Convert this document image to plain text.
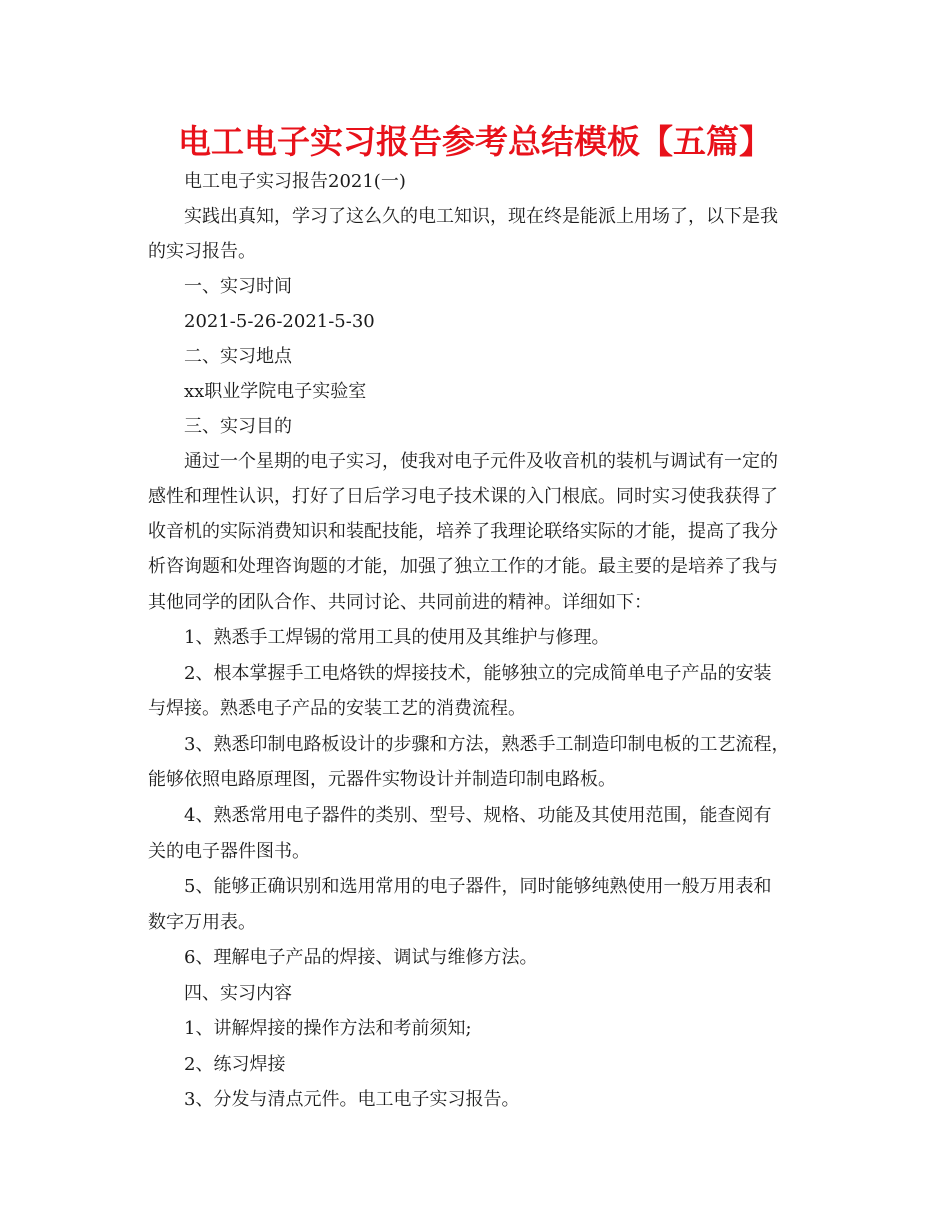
电工电子实习报告参考总结模板【五篇】
电工电子实习报告2021(一)
实践出真知，学习了这么久的电工知识，现在终是能派上用场了，以下是我
的实习报告。
一、实习时间
2021-5-26-2021-5-30
二、实习地点
xx职业学院电子实验室
三、实习目的
通过一个星期的电子实习，使我对电子元件及收音机的装机与调试有一定的
感性和理性认识，打好了日后学习电子技术课的入门根底。同时实习使我获得了
收音机的实际消费知识和装配技能，培养了我理论联络实际的才能，提高了我分
析咨询题和处理咨询题的才能，加强了独立工作的才能。最主要的是培养了我与
其他同学的团队合作、共同讨论、共同前进的精神。详细如下：
1、熟悉手工焊锡的常用工具的使用及其维护与修理。
2、根本掌握手工电烙铁的焊接技术，能够独立的完成简单电子产品的安装
与焊接。熟悉电子产品的安装工艺的消费流程。
3、熟悉印制电路板设计的步骤和方法，熟悉手工制造印制电板的工艺流程，
能够依照电路原理图，元器件实物设计并制造印制电路板。
4、熟悉常用电子器件的类别、型号、规格、功能及其使用范围，能查阅有
关的电子器件图书。
5、能够正确识别和选用常用的电子器件，同时能够纯熟使用一般万用表和
数字万用表。
6、理解电子产品的焊接、调试与维修方法。
四、实习内容
1、讲解焊接的操作方法和考前须知;
2、练习焊接
3、分发与清点元件。电工电子实习报告。
